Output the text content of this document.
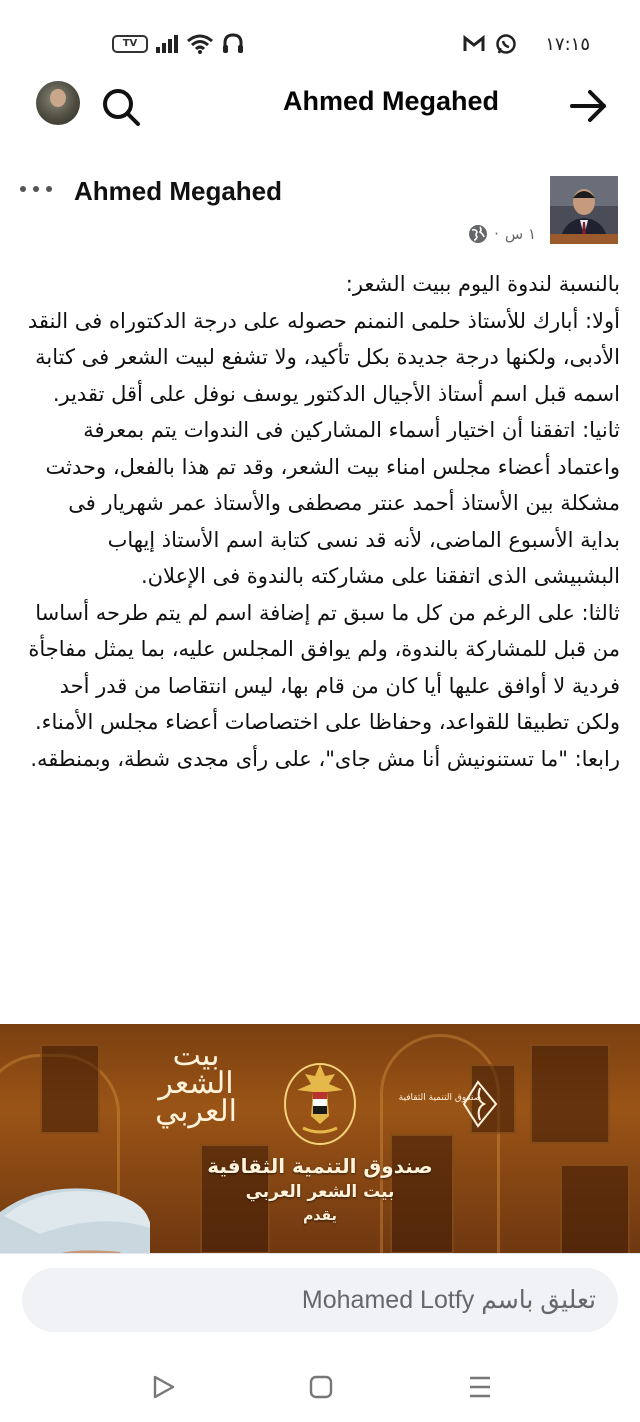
TV	١٧:١٥
Ahmed Megahed
Ahmed Megahed
١ س
·

بالنسبة لندوة اليوم ببيت الشعر:

أولا: أبارك للأستاذ حلمى النمنم حصوله على درجة الدكتوراه فى النقد الأدبى، ولكنها درجة جديدة بكل تأكيد، ولا تشفع لبيت الشعر فى كتابة اسمه قبل اسم أستاذ الأجيال الدكتور يوسف نوفل على أقل تقدير.

ثانيا: اتفقنا أن اختيار أسماء المشاركين فى الندوات يتم بمعرفة واعتماد أعضاء مجلس امناء بيت الشعر، وقد تم هذا بالفعل، وحدثت مشكلة بين الأستاذ أحمد عنتر مصطفى والأستاذ عمر شهريار فى بداية الأسبوع الماضى، لأنه قد نسى كتابة اسم الأستاذ إيهاب البشبيشى الذى اتفقنا على مشاركته بالندوة فى الإعلان.

ثالثا: على الرغم من كل ما سبق تم إضافة اسم لم يتم طرحه أساسا من قبل للمشاركة بالندوة، ولم يوافق المجلس عليه، بما يمثل مفاجأة فردية لا أوافق عليها أيا كان من قام بها، ليس انتقاصا من قدر أحد ولكن تطبيقا للقواعد، وحفاظا على اختصاصات أعضاء مجلس الأمناء.

رابعا: "ما تستنونيش أنا مش جاى"، على رأى مجدى شطة، وبمنطقه.

بيت الشعر العربي	صندوق التنمية الثقافية
صندوق التنمية الثقافية
بيت الشعر العربي
يقدم
تعليق باسم Mohamed Lotfy
